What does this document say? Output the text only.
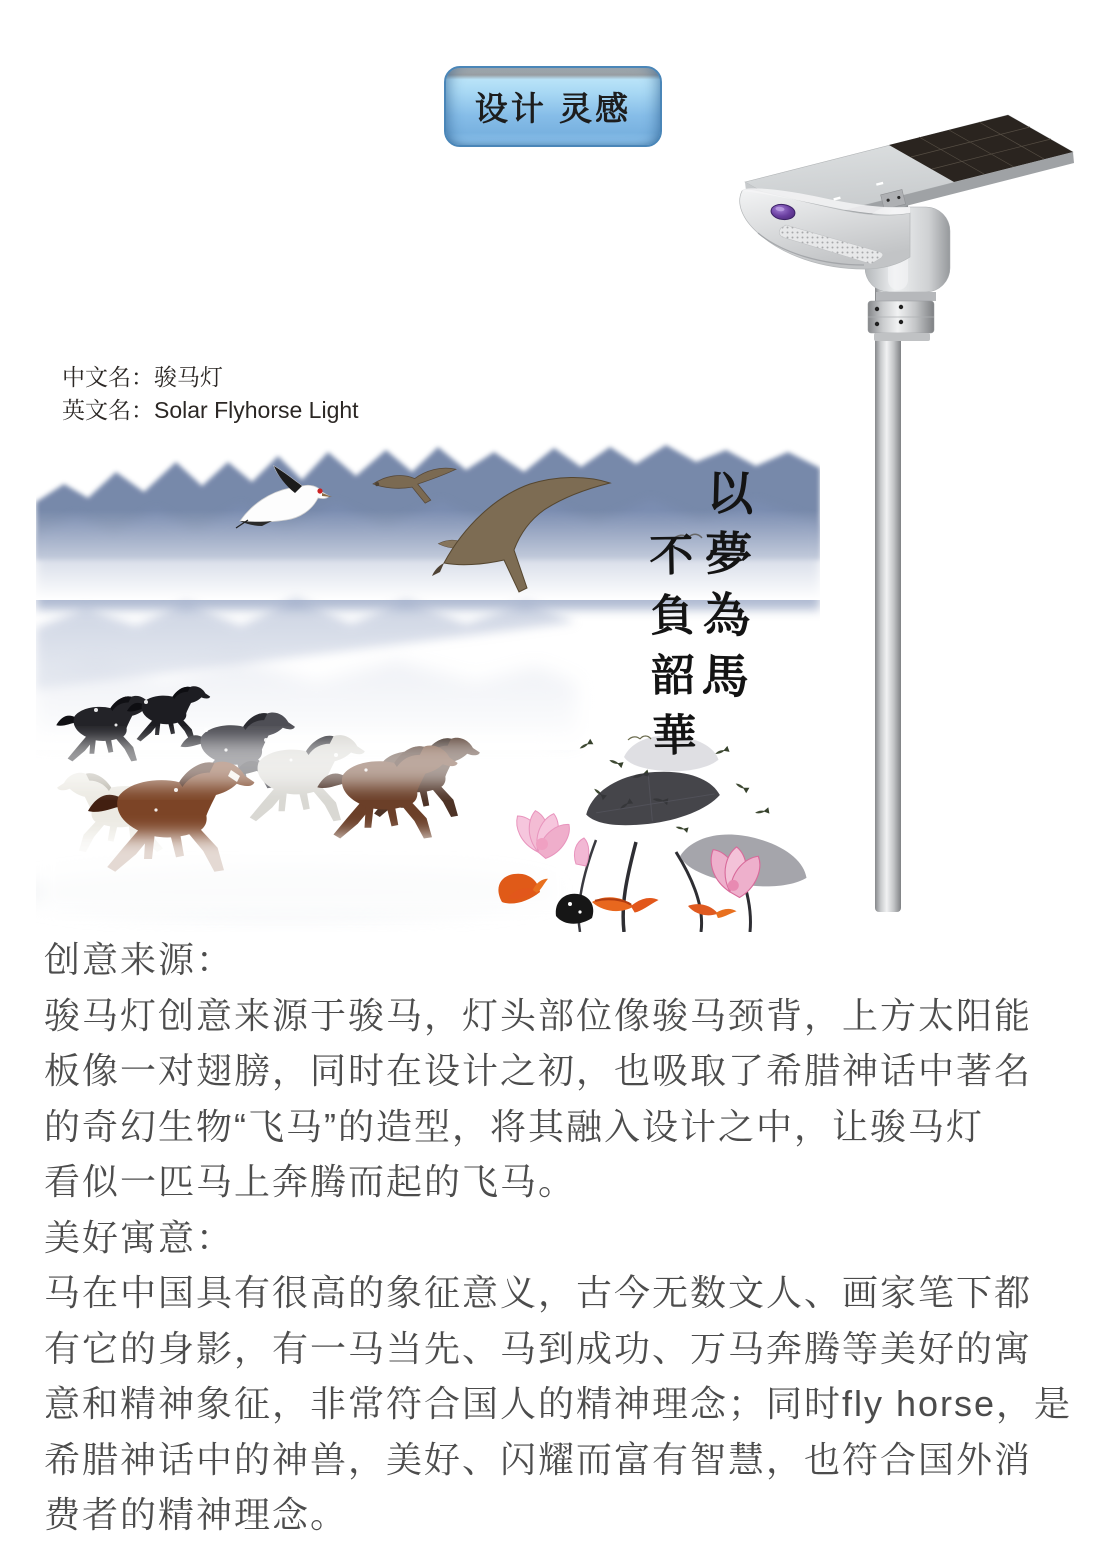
设计 灵感
中文名：骏马灯
英文名：Solar Flyhorse Light
以夢為馬
不負韶華
创意来源：
骏马灯创意来源于骏马，灯头部位像骏马颈背，上方太阳能
板像一对翅膀，同时在设计之初，也吸取了希腊神话中著名
的奇幻生物“飞马”的造型，将其融入设计之中，让骏马灯
看似一匹马上奔腾而起的飞马。
美好寓意：
马在中国具有很高的象征意义，古今无数文人、画家笔下都
有它的身影，有一马当先、马到成功、万马奔腾等美好的寓
意和精神象征，非常符合国人的精神理念；同时fly horse，是
希腊神话中的神兽，美好、闪耀而富有智慧，也符合国外消
费者的精神理念。
